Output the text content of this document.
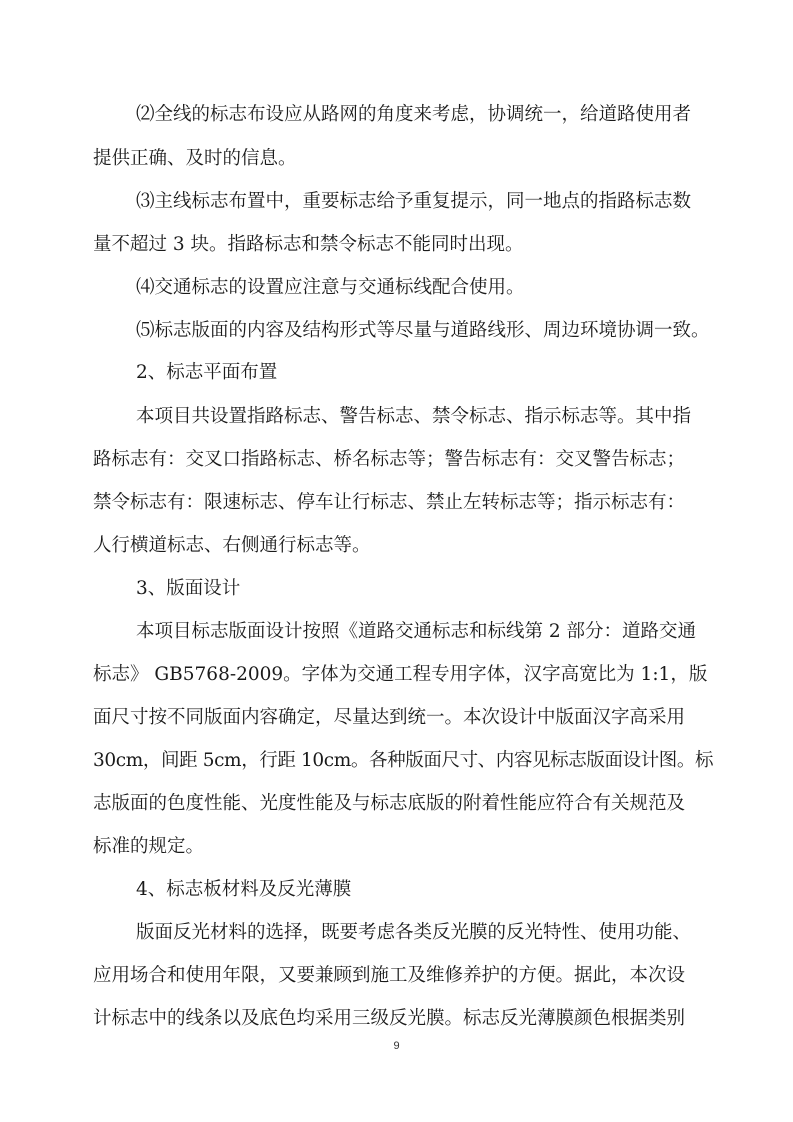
⑵全线的标志布设应从路网的角度来考虑，协调统一，给道路使用者
提供正确、及时的信息。
⑶主线标志布置中，重要标志给予重复提示，同一地点的指路标志数
量不超过 3 块。指路标志和禁令标志不能同时出现。
⑷交通标志的设置应注意与交通标线配合使用。
⑸标志版面的内容及结构形式等尽量与道路线形、周边环境协调一致。
2、标志平面布置
本项目共设置指路标志、警告标志、禁令标志、指示标志等。其中指
路标志有：交叉口指路标志、桥名标志等；警告标志有：交叉警告标志；
禁令标志有：限速标志、停车让行标志、禁止左转标志等；指示标志有：
人行横道标志、右侧通行标志等。
3、版面设计
本项目标志版面设计按照《道路交通标志和标线第 2 部分：道路交通
标志》 GB5768-2009。字体为交通工程专用字体，汉字高宽比为 1:1，版
面尺寸按不同版面内容确定，尽量达到统一。本次设计中版面汉字高采用
30cm，间距 5cm，行距 10cm。各种版面尺寸、内容见标志版面设计图。标
志版面的色度性能、光度性能及与标志底版的附着性能应符合有关规范及
标准的规定。
4、标志板材料及反光薄膜
版面反光材料的选择，既要考虑各类反光膜的反光特性、使用功能、
应用场合和使用年限，又要兼顾到施工及维修养护的方便。据此，本次设
计标志中的线条以及底色均采用三级反光膜。标志反光薄膜颜色根据类别
9
